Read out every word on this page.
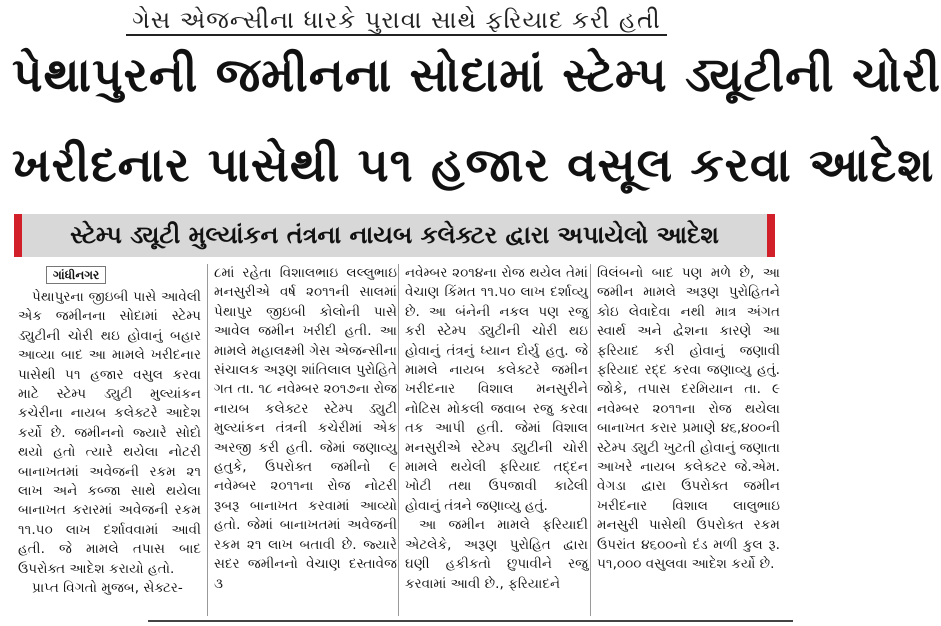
ગેસ એજન્સીના ધારકે પુરાવા સાથે ફરિયાદ કરી હતી
પેથાપુરની જમીનના સોદામાં સ્ટેમ્પ ડ્યૂટીની ચોરી
ખરીદનાર પાસેથી ૫૧ હજાર વસૂલ કરવા આદેશ
સ્ટેમ્પ ડ્યૂટી મુલ્યાંકન તંત્રના નાયબ કલેક્ટર દ્વારા અપાયેલો આદેશ
ગાંધીનગર

પેથાપુરના જીઇબી પાસે આવેલી એક જમીનના સોદામાં સ્ટેમ્પ ડ્યુટીની ચોરી થઇ હોવાનું બહાર આવ્યા બાદ આ મામલે ખરીદનાર પાસેથી ૫૧ હજાર વસુલ કરવા માટે સ્ટેમ્પ ડ્યુટી મુલ્યાંકન કચેરીના નાયબ કલેક્ટરે આદેશ કર્યો છે. જમીનનો જ્યારે સોદો થયો હતો ત્યારે થયેલા નોટરી બાનાખતમાં અવેજની રકમ ૨૧ લાખ અને કબ્જા સાથે થયેલા બાનાખત કરારમાં અવેજની રકમ ૧૧.૫૦ લાખ દર્શાવવામાં આવી હતી. જે મામલે તપાસ બાદ ઉપરોક્ત આદેશ કરાયો હતો.

પ્રાપ્ત વિગતો મુજબ, સેક્ટર-

૮માં રહેતા વિશાલભાઇ લલ્લુભાઇ મનસુરીએ વર્ષ ૨૦૧૧ની સાલમાં પેથાપુર જીઇબી કોલોની પાસે આવેલ જમીન ખરીદી હતી. આ મામલે મહાલક્ષ્મી ગેસ એજન્સીના સંચાલક અરૂણ શાંતિલાલ પુરોહિતે ગત તા. ૧૮ નવેમ્બર ૨૦૧૭ના રોજ નાયબ કલેક્ટર સ્ટેમ્પ ડ્યુટી મુલ્યાંકન તંત્રની કચેરીમાં એક અરજી કરી હતી. જેમાં જણાવ્યુ હતુકે, ઉપરોક્ત જમીનો ૯ નવેમ્બર ૨૦૧૧ના રોજ નોટરી રૂબરૂ બાનાખત કરવામાં આવ્યો હતો. જેમાં બાનાખતમાં અવેજની રકમ ૨૧ લાખ બતાવી છે. જ્યારે સદર જમીનનો વેચાણ દસ્તાવેજ ૩

નવેમ્બર ૨૦૧૪ના રોજ થયેલ તેમાં વેચાણ કિંમત ૧૧.૫૦ લાખ દર્શાવ્યુ છે. આ બંનેની નકલ પણ રજુ કરી સ્ટેમ્પ ડ્યુટીની ચોરી થઇ હોવાનું તંત્રનું ધ્યાન દોર્યુ હતુ. જે મામલે નાયબ કલેક્ટરે જમીન ખરીદનાર વિશાલ મનસુરીને નોટિસ મોકલી જવાબ રજુ કરવા તક આપી હતી. જેમાં વિશાલ મનસુરીએ સ્ટેમ્પ ડ્યુટીની ચોરી મામલે થયેલી ફરિયાદ તદ્દન ખોટી તથા ઉપજાવી કાઢેલી હોવાનું તંત્રને જણાવ્યુ હતું.

આ જમીન મામલે ફરિયાદી એટલેકે, અરૂણ પુરોહિત દ્વારા ઘણી હકીકતો છુપાવીને રજુ કરવામાં આવી છે., ફરિયાદને

વિલંબનો બાદ પણ મળે છે, આ જમીન મામલે અરૂણ પુરોહિતને કોઇ લેવાદેવા નથી માત્ર અંગત સ્વાર્થ અને દ્વેશના કારણે આ ફરિયાદ કરી હોવાનું જણાવી ફરિયાદ રદ્દ કરવા જણાવ્યુ હતું. જોકે, તપાસ દરમિયાન તા. ૯ નવેમ્બર ૨૦૧૧ના રોજ થયેલા બાનાખત કરાર પ્રમાણે ૪૬,૪૦૦ની સ્ટેમ્પ ડ્યુટી ખુટતી હોવાનું જણાતા આખરે નાયબ કલેક્ટર જે.એમ. વેગડા દ્વારા ઉપરોક્ત જમીન ખરીદનાર વિશાલ લાલુભાઇ મનસુરી પાસેથી ઉપરોક્ત રકમ ઉપરાંત ૪૬૦૦નો દંડ મળી કુલ રૂ. ૫૧,૦૦૦ વસુલવા આદેશ કર્યો છે.
